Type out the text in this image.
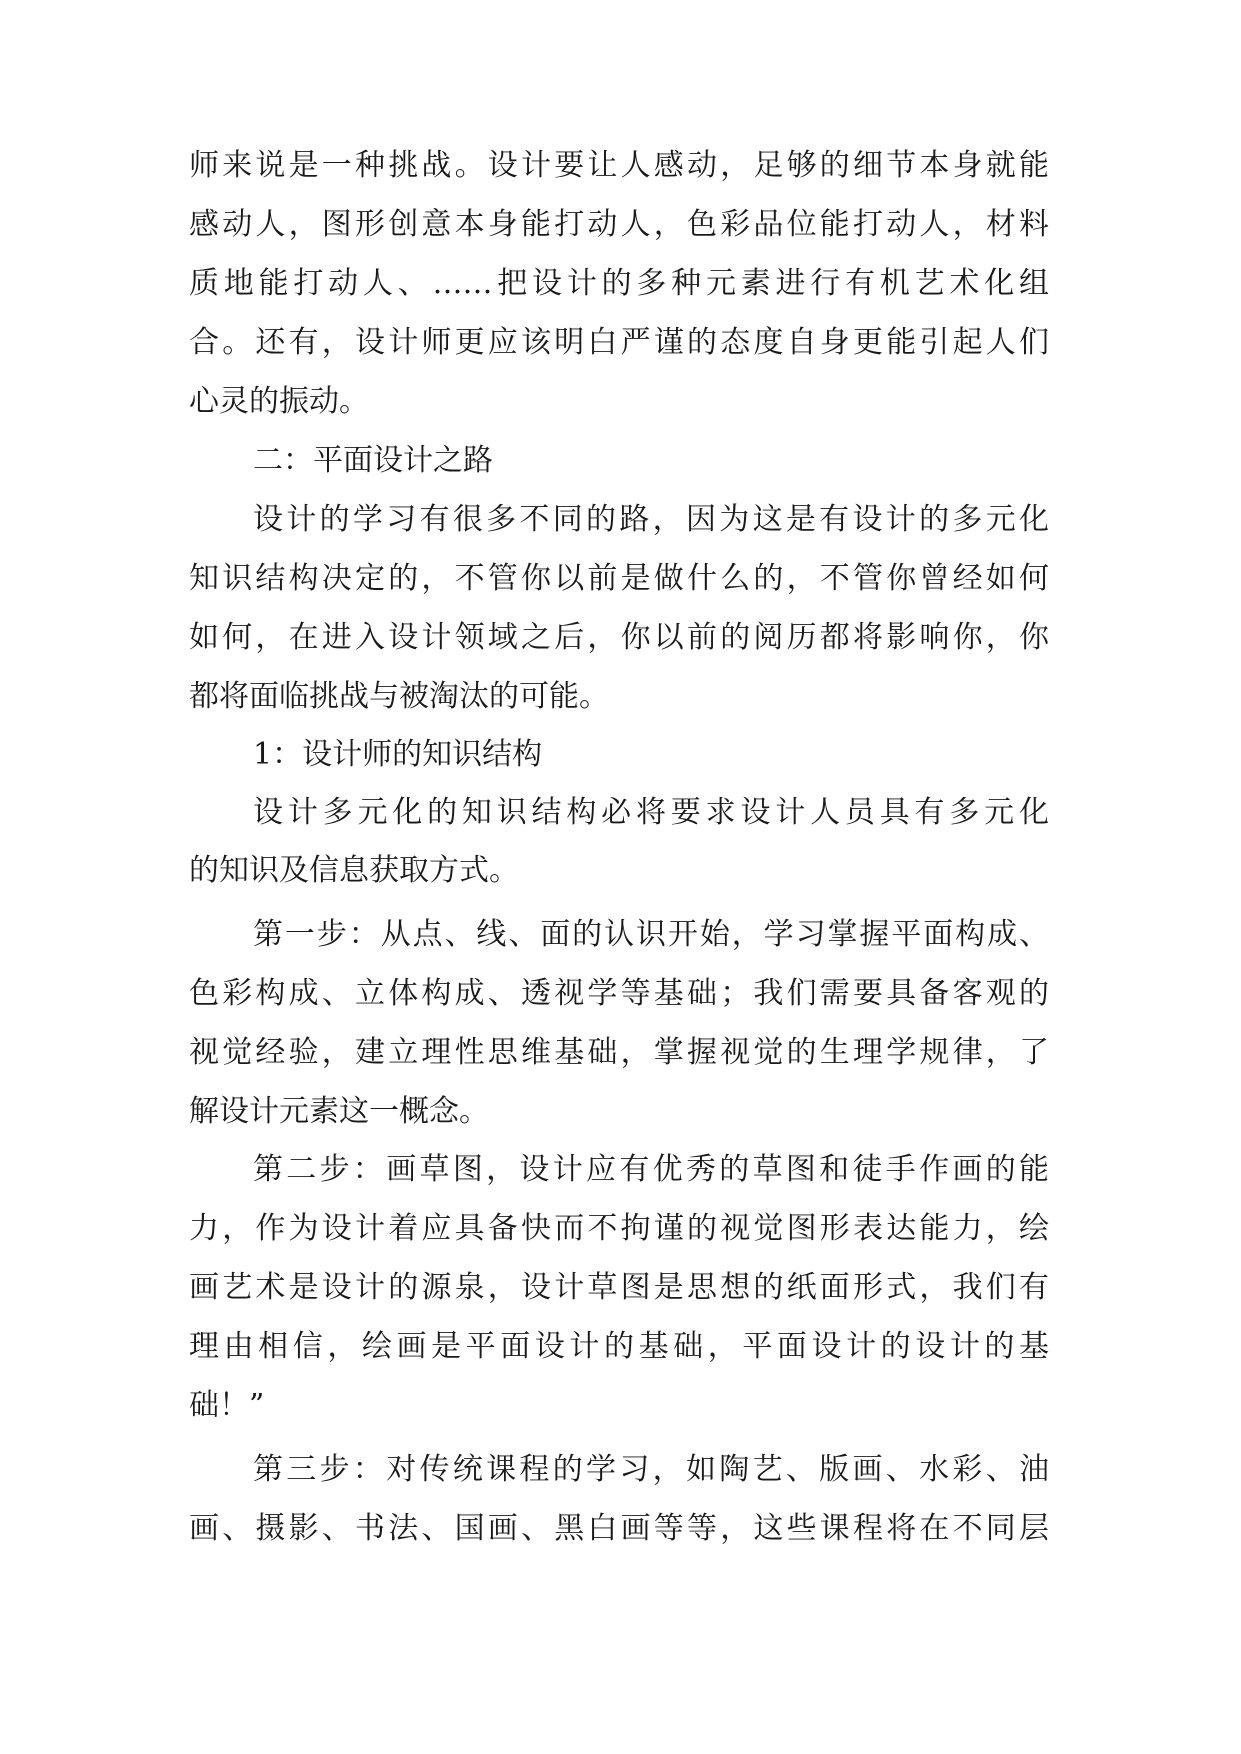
师来说是一种挑战。设计要让人感动，足够的细节本身就能
感动人，图形创意本身能打动人，色彩品位能打动人，材料
质地能打动人、……把设计的多种元素进行有机艺术化组
合。还有，设计师更应该明白严谨的态度自身更能引起人们
心灵的振动。
二：平面设计之路
设计的学习有很多不同的路，因为这是有设计的多元化
知识结构决定的，不管你以前是做什么的，不管你曾经如何
如何，在进入设计领域之后，你以前的阅历都将影响你，你
都将面临挑战与被淘汰的可能。
1：设计师的知识结构
设计多元化的知识结构必将要求设计人员具有多元化
的知识及信息获取方式。
第一步：从点、线、面的认识开始，学习掌握平面构成、
色彩构成、立体构成、透视学等基础；我们需要具备客观的
视觉经验，建立理性思维基础，掌握视觉的生理学规律，了
解设计元素这一概念。
第二步：画草图，设计应有优秀的草图和徒手作画的能
力，作为设计着应具备快而不拘谨的视觉图形表达能力，绘
画艺术是设计的源泉，设计草图是思想的纸面形式，我们有
理由相信，绘画是平面设计的基础，平面设计的设计的基
础！”
第三步：对传统课程的学习，如陶艺、版画、水彩、油
画、摄影、书法、国画、黑白画等等，这些课程将在不同层
